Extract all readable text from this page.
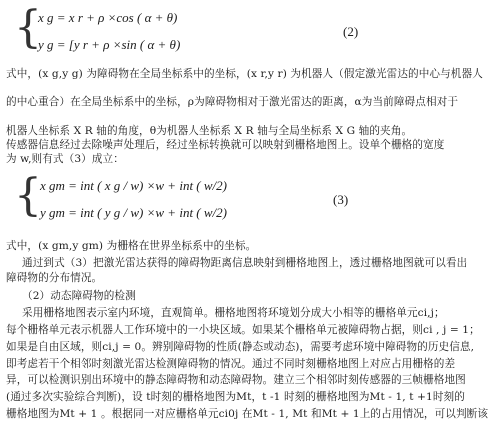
{
x g = x r + ρ ×cos ( α + θ)
y g = [y r + ρ ×sin ( α + θ)
(2)
式中，(x g,y g) 为障碍物在全局坐标系中的坐标，(x r,y r) 为机器人（假定激光雷达的中心与机器人
的中心重合）在全局坐标系中的坐标，ρ为障碍物相对于激光雷达的距离，α为当前障碍点相对于
机器人坐标系 X R 轴的角度，θ为机器人坐标系 X R 轴与全局坐标系 X G 轴的夹角。
传感器信息经过去除噪声处理后，经过坐标转换就可以映射到栅格地图上。设单个栅格的宽度
为 w,则有式（3）成立：
{
x gm = int ( x g / w) ×w + int ( w/2)
y gm = int ( y g / w) ×w + int ( w/2)
(3)
式中，(x gm,y gm) 为栅格在世界坐标系中的坐标。
通过到式（3）把激光雷达获得的障碍物距离信息映射到栅格地图上，透过栅格地图就可以看出
障碍物的分布情况。
（2）动态障碍物的检测
采用栅格地图表示室内环境，直观简单。栅格地图将环境划分成大小相等的栅格单元ci,j；
每个栅格单元表示机器人工作环境中的一小块区域。如果某个栅格单元被障碍物占据，则ci , j = 1；
如果是自由区域，则ci,j = 0。辨别障碍物的性质(静态或动态)，需要考虑环境中障碍物的历史信息,
即考虑若干个相邻时刻激光雷达检测障碍物的情况。通过不同时刻栅格地图上对应占用栅格的差
异，可以检测识别出环境中的静态障碍物和动态障碍物。建立三个相邻时刻传感器的三帧栅格地图
(通过多次实验综合判断)，设 t时刻的栅格地图为Mt，t -1 时刻的栅格地图为Mt - 1, t +1时刻的
栅格地图为Mt + 1 。根据同一对应栅格单元ci0j 在Mt - 1, Mt 和Mt + 1上的占用情况，可以判断该
